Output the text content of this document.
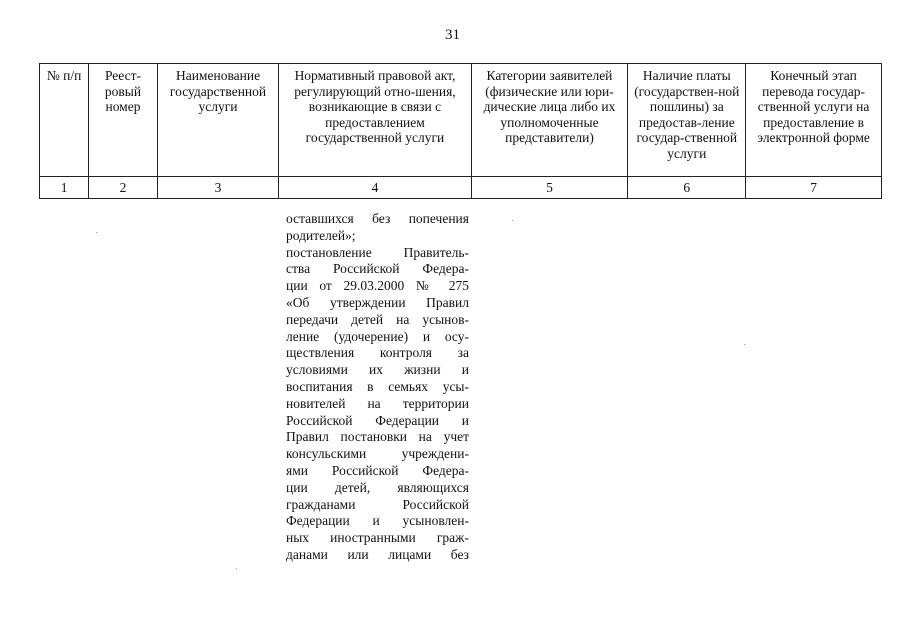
31
№ п/п	Реест-ровый номер	Наименование государственной услуги	Нормативный правовой акт, регулирующий отно-шения, возникающие в связи с предоставлением государственной услуги	Категории заявителей (физические или юри-дические лица либо их уполномоченные представители)	Наличие платы (государствен-ной пошлины) за предостав-ление государ-ственной услуги	Конечный этап перевода государ-ственной услуги на предоставление в электронной форме
1	2	3	4	5	6	7
оставшихся без попечения
родителей»;
постановление Правитель-
ства Российской Федера-
ции от 29.03.2000 № 275
«Об утверждении Правил
передачи детей на усынов-
ление (удочерение) и осу-
ществления контроля за
условиями их жизни и
воспитания в семьях усы-
новителей на территории
Российской Федерации и
Правил постановки на учет
консульскими учреждени-
ями Российской Федера-
ции детей, являющихся
гражданами Российской
Федерации и усыновлен-
ных иностранными граж-
данами или лицами без
